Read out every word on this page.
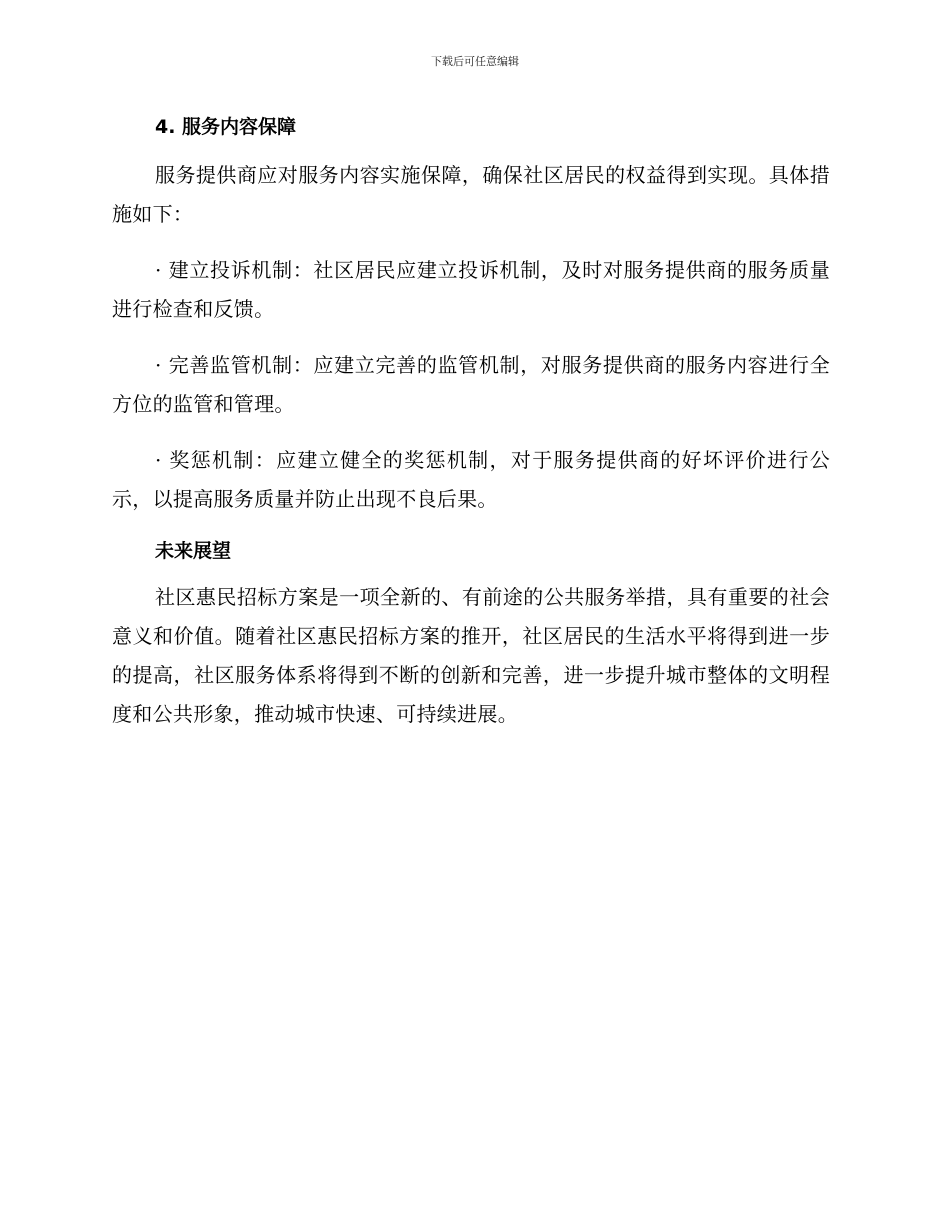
下载后可任意编辑
4. 服务内容保障

服务提供商应对服务内容实施保障，确保社区居民的权益得到实现。具体措施如下：

· 建立投诉机制：社区居民应建立投诉机制，及时对服务提供商的服务质量进行检查和反馈。

· 完善监管机制：应建立完善的监管机制，对服务提供商的服务内容进行全方位的监管和管理。

· 奖惩机制：应建立健全的奖惩机制，对于服务提供商的好坏评价进行公示，以提高服务质量并防止出现不良后果。

未来展望

社区惠民招标方案是一项全新的、有前途的公共服务举措，具有重要的社会意义和价值。随着社区惠民招标方案的推开，社区居民的生活水平将得到进一步的提高，社区服务体系将得到不断的创新和完善，进一步提升城市整体的文明程度和公共形象，推动城市快速、可持续进展。
